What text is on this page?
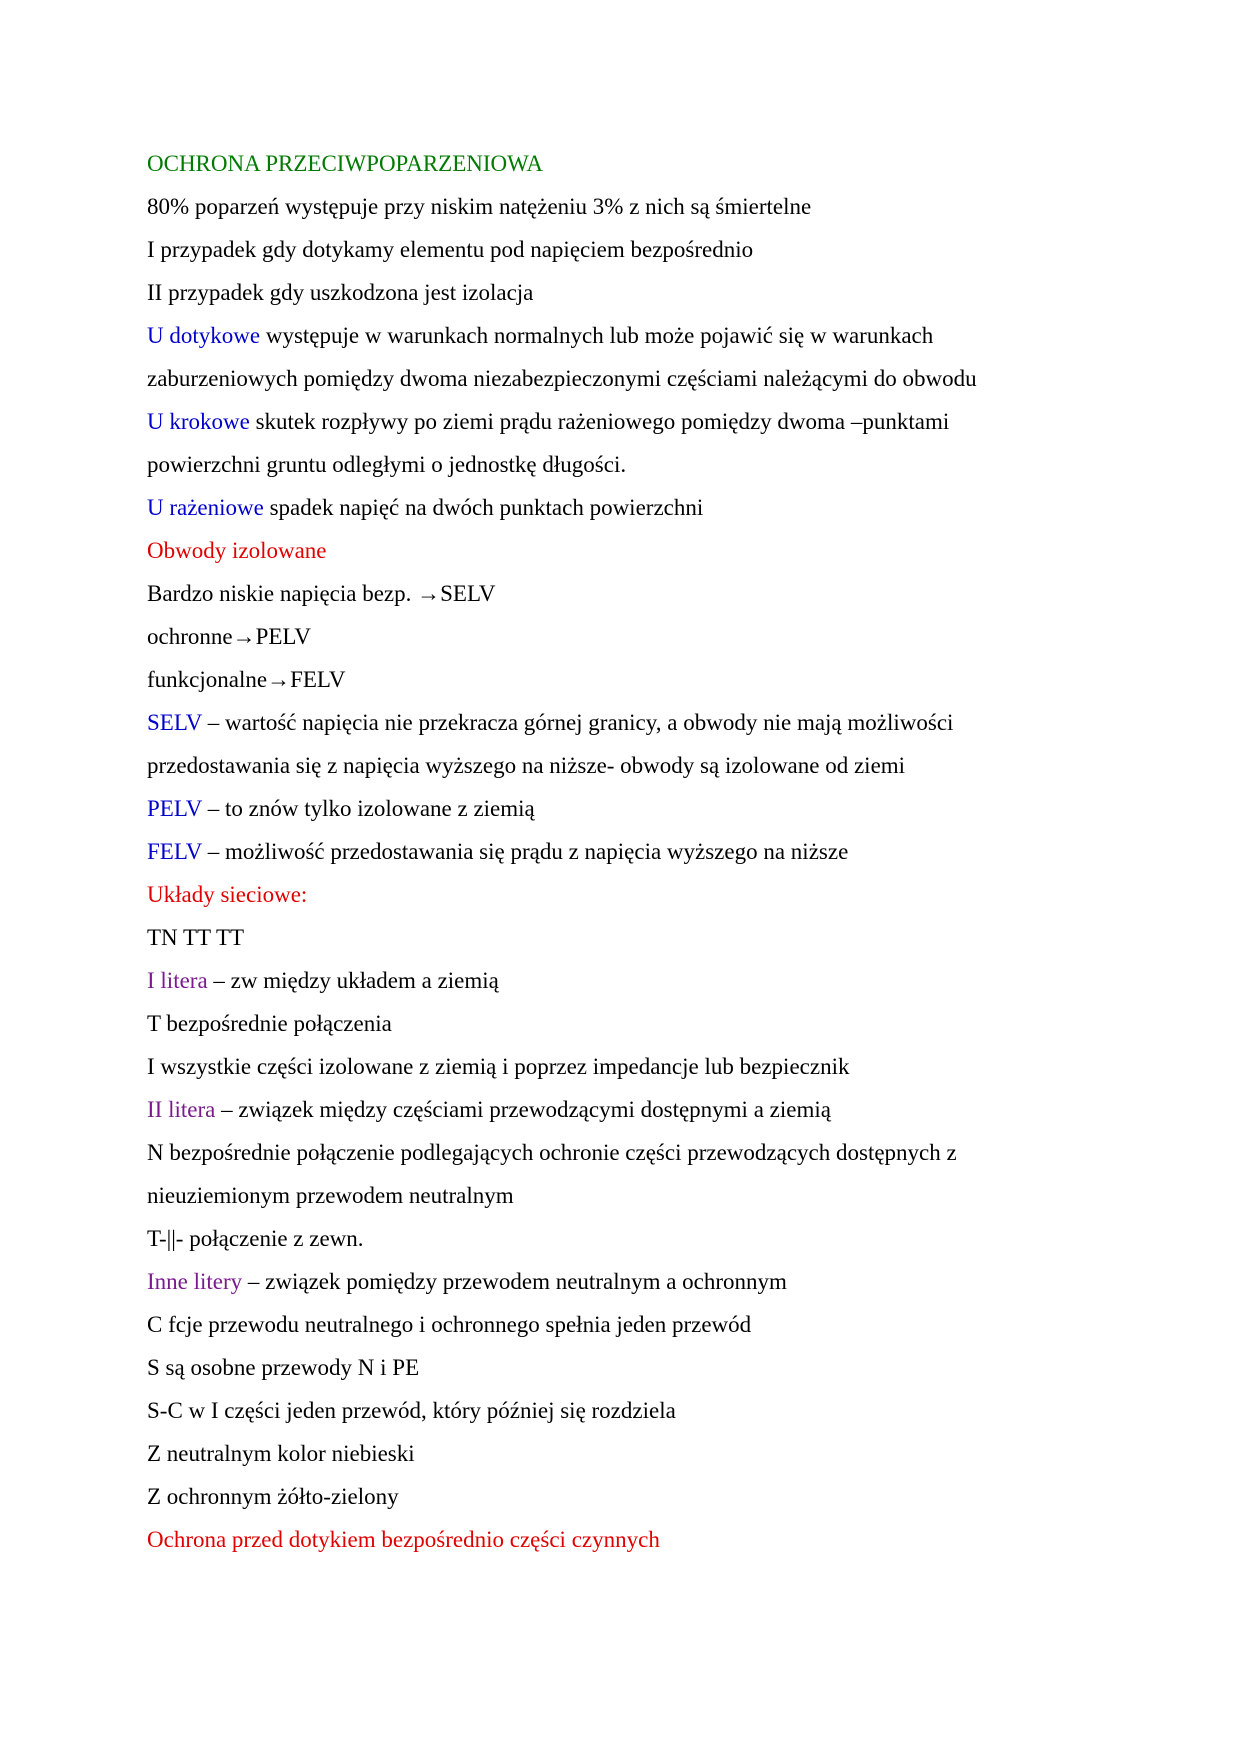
OCHRONA PRZECIWPOPARZENIOWA
80% poparzeń występuje przy niskim natężeniu 3% z nich są śmiertelne
I przypadek gdy dotykamy elementu pod napięciem bezpośrednio
II przypadek gdy uszkodzona jest izolacja
U dotykowe występuje w warunkach normalnych lub może pojawić się w warunkach
zaburzeniowych pomiędzy dwoma niezabezpieczonymi częściami należącymi do obwodu
U krokowe skutek rozpływy po ziemi prądu rażeniowego pomiędzy dwoma –punktami
powierzchni gruntu odległymi o jednostkę długości.
U rażeniowe spadek napięć na dwóch punktach powierzchni
Obwody izolowane
Bardzo niskie napięcia bezp. →SELV
ochronne→PELV
funkcjonalne→FELV
SELV – wartość napięcia nie przekracza górnej granicy, a obwody nie mają możliwości
przedostawania się z napięcia wyższego na niższe- obwody są izolowane od ziemi
PELV – to znów tylko izolowane z ziemią
FELV – możliwość przedostawania się prądu z napięcia wyższego na niższe
Układy sieciowe:
TN TT TT
I litera – zw między układem a ziemią
T bezpośrednie połączenia
I wszystkie części izolowane z ziemią i poprzez impedancje lub bezpiecznik
II litera – związek między częściami przewodzącymi dostępnymi a ziemią
N bezpośrednie połączenie podlegających ochronie części przewodzących dostępnych z
nieuziemionym przewodem neutralnym
T-||- połączenie z zewn.
Inne litery – związek pomiędzy przewodem neutralnym a ochronnym
C fcje przewodu neutralnego i ochronnego spełnia jeden przewód
S są osobne przewody N i PE
S-C w I części jeden przewód, który później się rozdziela
Z neutralnym kolor niebieski
Z ochronnym żółto-zielony
Ochrona przed dotykiem bezpośrednio części czynnych
